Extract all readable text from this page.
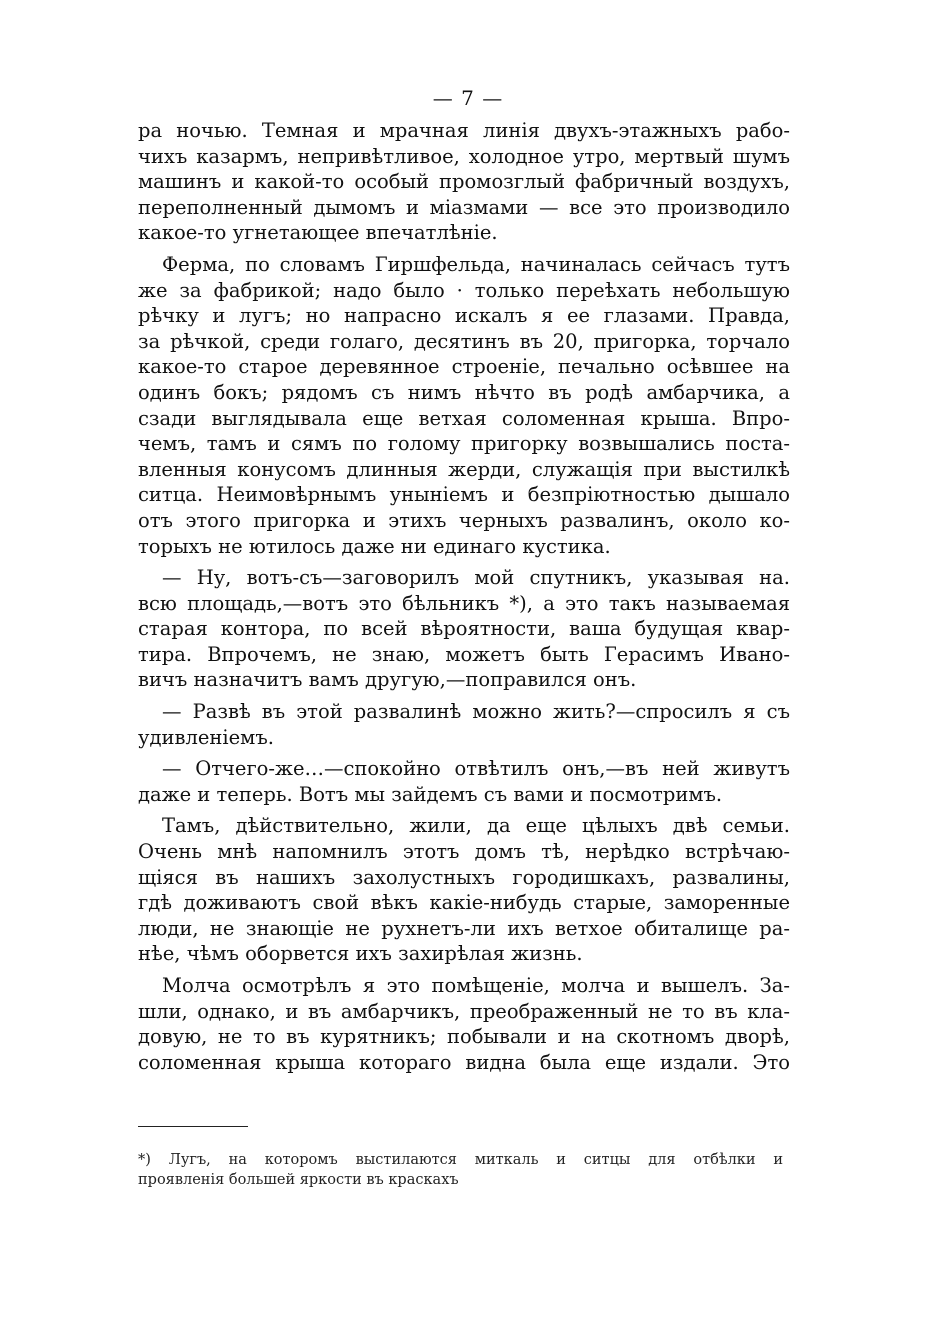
— 7 —
ра ночью. Темная и мрачная линія двухъ-этажныхъ рабо-
чихъ казармъ, непривѣтливое, холодное утро, мертвый шумъ
машинъ и какой-то особый промозглый фабричный воздухъ,
переполненный дымомъ и міазмами — все это производило
какое-то угнетающее впечатлѣніе.
Ферма, по словамъ Гиршфельда, начиналась сейчасъ тутъ
же за фабрикой; надо было · только переѣхать небольшую
рѣчку и лугъ; но напрасно искалъ я ее глазами. Правда,
за рѣчкой, среди голаго, десятинъ въ 20, пригорка, торчало
какое-то старое деревянное строеніе, печально осѣвшее на
одинъ бокъ; рядомъ съ нимъ нѣчто въ родѣ амбарчика, а
сзади выглядывала еще ветхая соломенная крыша. Впро-
чемъ, тамъ и сямъ по голому пригорку возвышались поста-
вленныя конусомъ длинныя жерди, служащія при выстилкѣ
ситца. Неимовѣрнымъ уныніемъ и безпріютностью дышало
отъ этого пригорка и этихъ черныхъ развалинъ, около ко-
торыхъ не ютилось даже ни единаго кустика.
— Ну, вотъ-съ—заговорилъ мой спутникъ, указывая на.
всю площадь,—вотъ это бѣльникъ *), а это такъ называемая
старая контора, по всей вѣроятности, ваша будущая квар-
тира. Впрочемъ, не знаю, можетъ быть Герасимъ Ивано-
вичъ назначитъ вамъ другую,—поправился онъ.
— Развѣ въ этой развалинѣ можно жить?—спросилъ я съ
удивленіемъ.
— Отчего-же…—спокойно отвѣтилъ онъ,—въ ней живутъ
даже и теперь. Вотъ мы зайдемъ съ вами и посмотримъ.
Тамъ, дѣйствительно, жили, да еще цѣлыхъ двѣ семьи.
Очень мнѣ напомнилъ этотъ домъ тѣ, нерѣдко встрѣчаю-
щіяся въ нашихъ захолустныхъ городишкахъ, развалины,
гдѣ доживаютъ свой вѣкъ какіе-нибудь старые, заморенные
люди, не знающіе не рухнетъ-ли ихъ ветхое обиталище ра-
нѣе, чѣмъ оборвется ихъ захирѣлая жизнь.
Молча осмотрѣлъ я это помѣщеніе, молча и вышелъ. За-
шли, однако, и въ амбарчикъ, преображенный не то въ кла-
довую, не то въ курятникъ; побывали и на скотномъ дворѣ,
соломенная крыша котораго видна была еще издали. Это
*) Лугъ, на которомъ выстилаются миткаль и ситцы для отбѣлки и
проявленія большей яркости въ краскахъ
